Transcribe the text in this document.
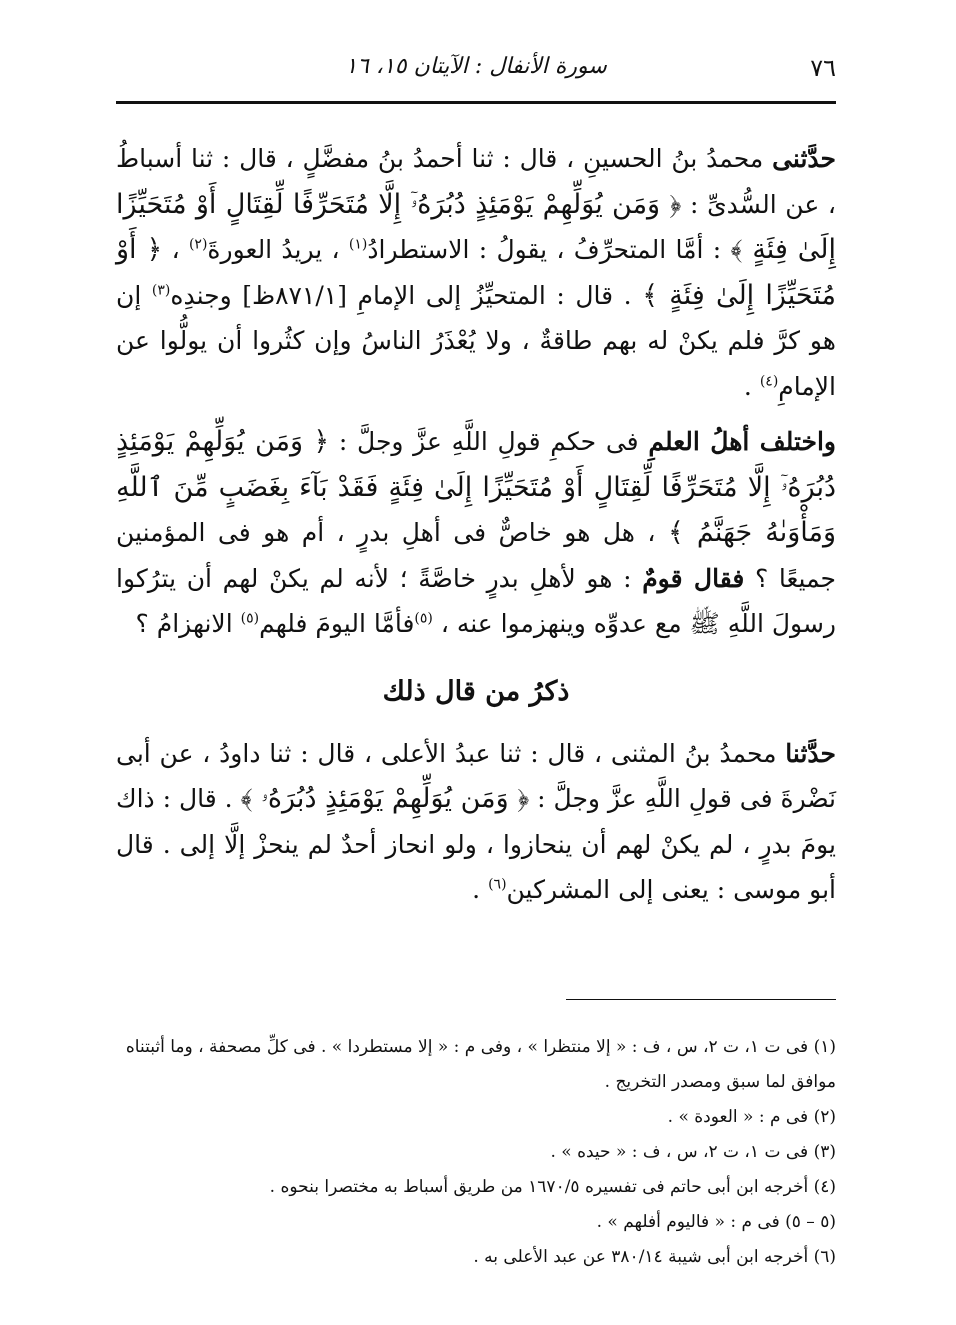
٧٦
سورة الأنفال : الآيتان ١٥، ١٦

حدَّثنى محمدُ بنُ الحسينِ ، قال : ثنا أحمدُ بنُ مفضَّلٍ ، قال : ثنا أسباطُ ، عن السُّدىِّ : ﴿ وَمَن يُوَلِّهِمْ يَوْمَئِذٍ دُبُرَهُۥٓ إِلَّا مُتَحَرِّفًا لِّقِتَالٍ أَوْ مُتَحَيِّزًا إِلَىٰ فِئَةٍ ﴾ : أمَّا المتحرِّفُ ، يقولُ : الاستطرادُ$^{(١)}$ ، يريدُ العورةَ$^{(٢)}$ ، ﴿ أَوْ مُتَحَيِّزًا إِلَىٰ فِئَةٍ ﴾ . قال : المتحيِّزُ إلى الإمامِ [٨٧١/١ظ] وجندِه$^{(٣)}$ إن هو كرَّ فلم يكنْ له بهم طاقةٌ ، ولا يُعْذَرُ الناسُ وإن كثُروا أن يولُّوا عن الإمامِ$^{(٤)}$ .

واختلف أهلُ العلمِ فى حكمِ قولِ اللَّهِ عزَّ وجلَّ : ﴿ وَمَن يُوَلِّهِمْ يَوْمَئِذٍ دُبُرَهُۥٓ إِلَّا مُتَحَرِّفًا لِّقِتَالٍ أَوْ مُتَحَيِّزًا إِلَىٰ فِئَةٍ فَقَدْ بَآءَ بِغَضَبٍ مِّنَ ٱللَّهِ وَمَأْوَىٰهُ جَهَنَّمُ ﴾ ، هل هو خاصٌّ فى أهلِ بدرٍ ، أم هو فى المؤمنين جميعًا ؟ فقال قومٌ : هو لأهلِ بدرٍ خاصَّةً ؛ لأنه لم يكنْ لهم أن يترُكوا رسولَ اللَّهِ ﷺ مع عدوِّه وينهزموا عنه ، $^{(٥)}$فأمَّا اليومَ فلهم$^{(٥)}$ الانهزامُ ؟

ذكرُ من قال ذلك

حدَّثنا محمدُ بنُ المثنى ، قال : ثنا عبدُ الأعلى ، قال : ثنا داودُ ، عن أبى نَضْرةَ فى قولِ اللَّهِ عزَّ وجلَّ : ﴿ وَمَن يُوَلِّهِمْ يَوْمَئِذٍ دُبُرَهُۥ ﴾ . قال : ذاك يومَ بدرٍ ، لم يكنْ لهم أن ينحازوا ، ولو انحاز أحدٌ لم ينحزْ إلَّا إلى . قال أبو موسى : يعنى إلى المشركين$^{(٦)}$ .

(١) فى ت ١، ت ٢، س ، ف : « إلا منتظرا » ، وفى م : « إلا مستطردا » . فى كلِّ مصحفة ، وما أثبتناه موافق لما سبق ومصدر التخريج .

(٢) فى م : « العودة » .

(٣) فى ت ١، ت ٢، س ، ف : « حيده » .

(٤) أخرجه ابن أبى حاتم فى تفسيره ١٦٧٠/٥ من طريق أسباط به مختصرا بنحوه .

(٥ – ٥) فى م : « فاليوم أفلهم » .

(٦) أخرجه ابن أبى شيبة ٣٨٠/١٤ عن عبد الأعلى به .
